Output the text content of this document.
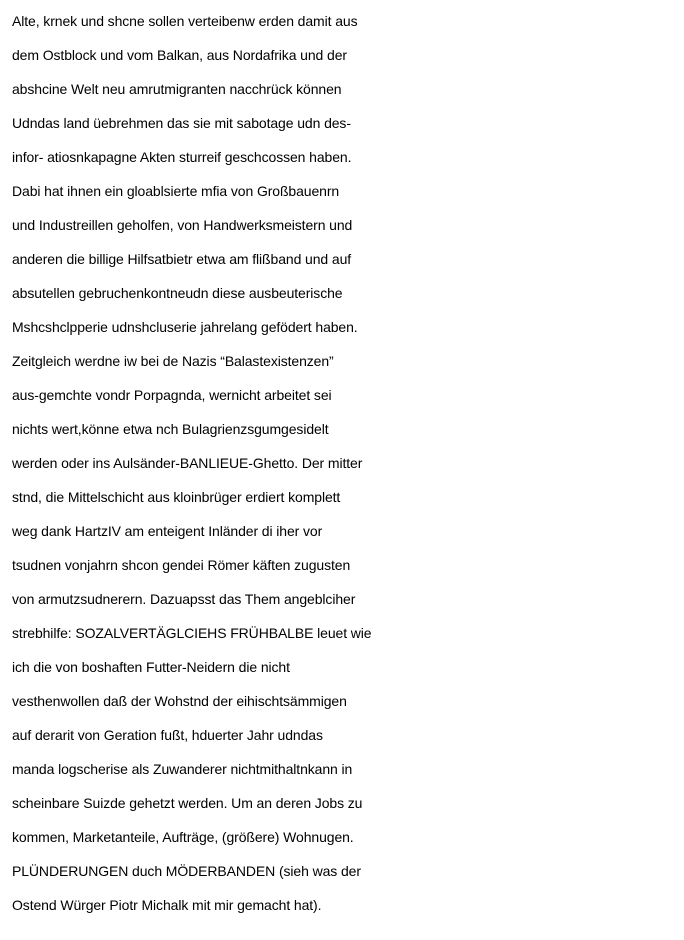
Alte, krnek und shcne sollen verteibenw erden damit aus
dem Ostblock und vom Balkan, aus Nordafrika und der
abshcine Welt neu amrutmigranten nacchrück können
Udndas land üebrehmen das sie mit sabotage udn des-
infor- atiosnkapagne Akten sturreif geschcossen haben.
Dabi hat ihnen ein gloablsierte mfia von Großbauenrn
und Industreillen geholfen, von Handwerksmeistern und
anderen die billige Hilfsatbietr etwa am flißband und auf
absutellen gebruchenkontneudn diese ausbeuterische
Mshcshclpperie udnshcluserie jahrelang gefödert haben.
Zeitgleich werdne iw bei de Nazis “Balastexistenzen”
aus-gemchte vondr Porpagnda, wernicht arbeitet sei
nichts wert,könne etwa nch Bulagrienzsgumgesidelt
werden oder ins Aulsänder-BANLIEUE-Ghetto. Der mitter
stnd, die Mittelschicht aus kloinbrüger erdiert komplett
weg dank HartzIV am enteigent Inländer di iher vor
tsudnen vonjahrn shcon gendei Römer käften zugusten
von armutzsudnerern. Dazuapsst das Them angeblciher
strebhilfe: SOZALVERTÄGLCIEHS FRÜHBALBE leuet wie
ich die von boshaften Futter-Neidern die nicht
vesthenwollen daß der Wohstnd der eihischtsämmigen
auf derarit von Geration fußt, hduerter Jahr udndas
manda logscherise als Zuwanderer nichtmithaltnkann in
scheinbare Suizde gehetzt werden. Um an deren Jobs zu
kommen, Marketanteile, Aufträge, (größere) Wohnugen.
PLÜNDERUNGEN duch MÖDERBANDEN (sieh was der
Ostend Würger Piotr Michalk mit mir gemacht hat).
